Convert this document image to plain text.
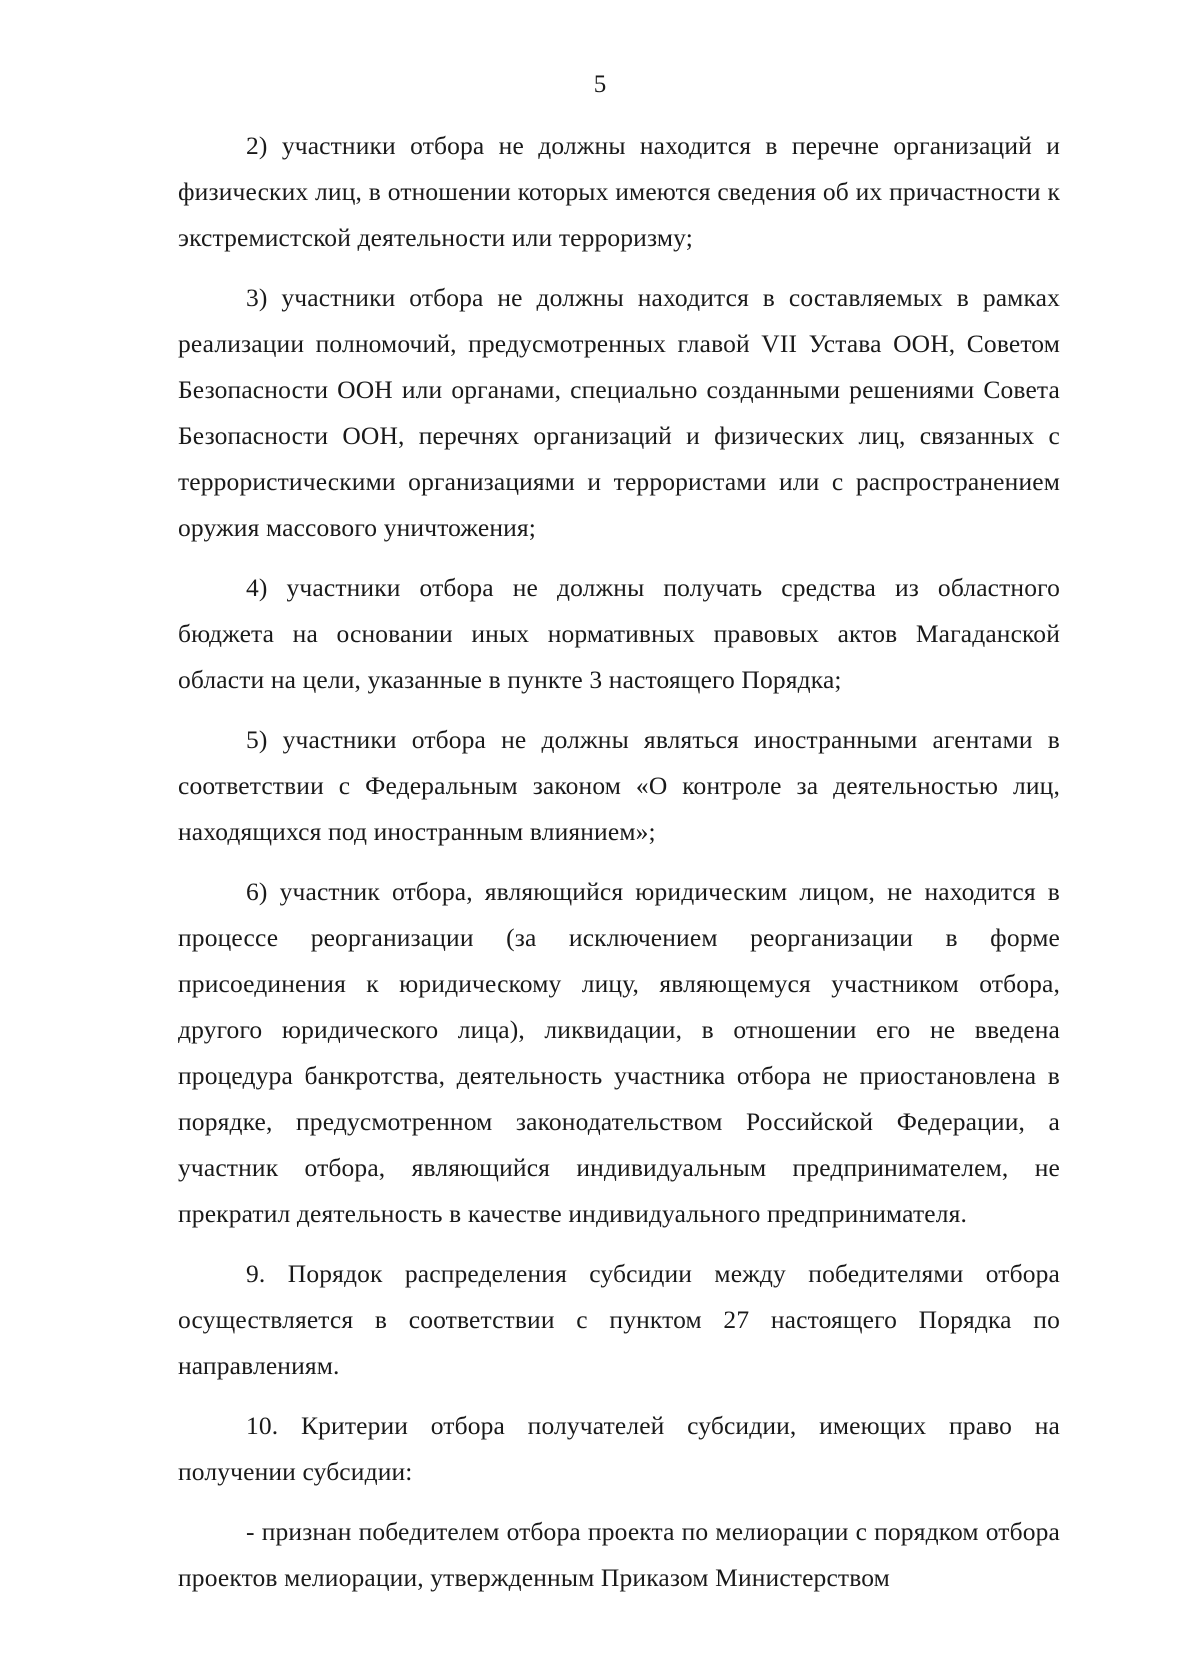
5

2) участники отбора не должны находится в перечне организаций и физических лиц, в отношении которых имеются сведения об их причастности к экстремистской деятельности или терроризму;

3) участники отбора не должны находится в составляемых в рамках реализации полномочий, предусмотренных главой VII Устава ООН, Советом Безопасности ООН или органами, специально созданными решениями Совета Безопасности ООН, перечнях организаций и физических лиц, связанных с террористическими организациями и террористами или с распространением оружия массового уничтожения;

4) участники отбора не должны получать средства из областного бюджета на основании иных нормативных правовых актов Магаданской области на цели, указанные в пункте 3 настоящего Порядка;

5) участники отбора не должны являться иностранными агентами в соответствии с Федеральным законом «О контроле за деятельностью лиц, находящихся под иностранным влиянием»;

6) участник отбора, являющийся юридическим лицом, не находится в процессе реорганизации (за исключением реорганизации в форме присоединения к юридическому лицу, являющемуся участником отбора, другого юридического лица), ликвидации, в отношении его не введена процедура банкротства, деятельность участника отбора не приостановлена в порядке, предусмотренном законодательством Российской Федерации, а участник отбора, являющийся индивидуальным предпринимателем, не прекратил деятельность в качестве индивидуального предпринимателя.

9. Порядок распределения субсидии между победителями отбора осуществляется в соответствии с пунктом 27 настоящего Порядка по направлениям.

10. Критерии отбора получателей субсидии, имеющих право на получении субсидии:

- признан победителем отбора проекта по мелиорации с порядком отбора проектов мелиорации, утвержденным Приказом Министерством
